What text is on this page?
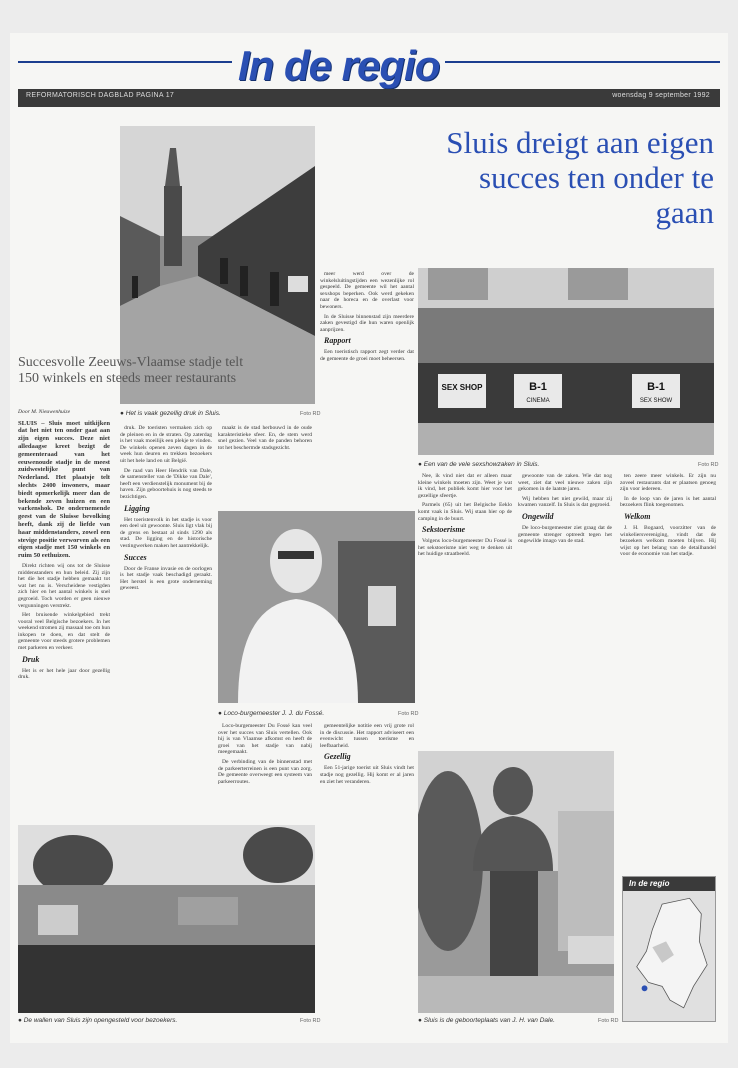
In de regio
REFORMATORISCH DAGBLAD PAGINA 17	woensdag 9 september 1992
● Het is vaak gezellig druk in Sluis.	Foto RD
Sluis dreigt aan eigen succes ten onder te gaan
Succesvolle Zeeuws-Vlaamse stadje telt 150 winkels en steeds meer restaurants
SEX SHOP	B-1
CINEMA
B-1
SEX SHOW
● Een van de vele sexshowzaken in Sluis.	Foto RD
● Loco-burgemeester J. J. du Fossé.	Foto RD
● De wallen van Sluis zijn opengesteld voor bezoekers.	Foto RD	● Sluis is de geboorteplaats van J. H. van Dale.	Foto RD
In de regio

Door M. Nieuwenhuize

SLUIS – Sluis moet uitkijken dat het niet ten onder gaat aan zijn eigen succes. Deze niet alledaagse kreet bezigt de gemeenteraad van het eeuwenoude stadje in de meest zuidwestelijke punt van Nederland. Het plaatsje telt slechts 2400 inwoners, maar biedt opmerkelijk meer dan de bekende zeven huizen en een varkenshok. De ondernemende geest van de Sluisse bevolking heeft, dank zij de liefde van haar middenstanders, zowel een stevige positie verworven als een eigen stadje met 150 winkels en ruim 50 eethuizen.

Direkt richten wij ons tot de Sluisse middenstanders en hun beleid. Zij zijn het die het stadje hebben gemaakt tot wat het nu is. Verscheidene vestigden zich hier en het aantal winkels is snel gegroeid. Toch worden er geen nieuwe vergunningen verstrekt.

Het bruisende winkelgebied trekt vooral veel Belgische bezoekers. In het weekend stromen zij massaal toe om hun inkopen te doen, en dat stelt de gemeente voor steeds grotere problemen met parkeren en verkeer.

Druk

Het is er het hele jaar door gezellig druk.

druk. De toeristen vermaken zich op de pleinen en in de straten. Op zaterdag is het vaak moeilijk een plekje te vinden. De winkels openen zeven dagen in de week hun deuren en trekken bezoekers uit het hele land en uit België.

De raad van Heer Hendrik van Dale, de samensteller van de 'Dikke van Dale', heeft een verdienstelijk monument bij de haven. Zijn geboortehuis is nog steeds te bezichtigen.

Ligging

Het toeristenvolk in het stadje is voor een deel uit gewoonte. Sluis ligt vlak bij de grens en bestaat al sinds 1290 als stad. De ligging en de historische vestingwerken maken het aantrekkelijk.

Succes

Door de Franse invasie en de oorlogen is het stadje vaak beschadigd geraakt. Het herstel is een grote onderneming geweest.

maakt is de stad herbouwd in de oude karakteristieke sfeer. En, de stem werd snel gezien. Veel van de panden behoren tot het beschermde stadsgezicht.

Loco-burgemeester Du Fossé kan veel over het succes van Sluis vertellen. Ook hij is van Vlaamse afkomst en heeft de groei van het stadje van nabij meegemaakt.

De verbinding van de binnenstad met de parkeerterreinen is een punt van zorg. De gemeente overweegt een systeem van parkeerroutes.

meer werd over de winkelsluitingstijden een wezenlijke rol gespeeld. De gemeente wil het aantal sexshops beperken. Ook werd gekeken naar de horeca en de overlast voor bewoners.

In de Sluisse binnenstad zijn meerdere zaken gevestigd die hun waren openlijk aanprijzen.

Rapport

Een toeristisch rapport zegt verder dat de gemeente de groei moet beheersen.

gemeentelijke notitie een vrij grote rol in de discussie. Het rapport adviseert een evenwicht tussen toerisme en leefbaarheid.

Gezellig

Een 51-jarige toerist uit Sluis vindt het stadje nog gezellig. Hij komt er al jaren en ziet het veranderen.

Nee, ik vind niet dat er alleen maar kleine winkels moeten zijn. Weet je wat ik vind, het publiek komt hier voor het gezellige sfeertje.

Parmels (65) uit het Belgische Eeklo komt vaak in Sluis. Wij staan hier op de camping in de buurt.

Sekstoerisme

Volgens loco-burgemeester Du Fossé is het sekstoerisme niet weg te denken uit het huidige straatbeeld.

gewoonte van de zaken. Wie dat nog weet, ziet dat veel nieuwe zaken zijn gekomen in de laatste jaren.

Wij hebben het niet gewild, maar zij kwamen vanzelf. In Sluis is dat gegroeid.

Ongewild

De loco-burgemeester ziet graag dat de gemeente strenger optreedt tegen het ongewilde imago van de stad.

ten zeere meer winkels. Er zijn nu zoveel restaurants dat er plaatsen genoeg zijn voor iedereen.

In de loop van de jaren is het aantal bezoekers flink toegenomen.

Welkom

J. H. Bogaard, voorzitter van de winkeliersvereniging, vindt dat de bezoekers welkom moeten blijven. Hij wijst op het belang van de detailhandel voor de economie van het stadje.
